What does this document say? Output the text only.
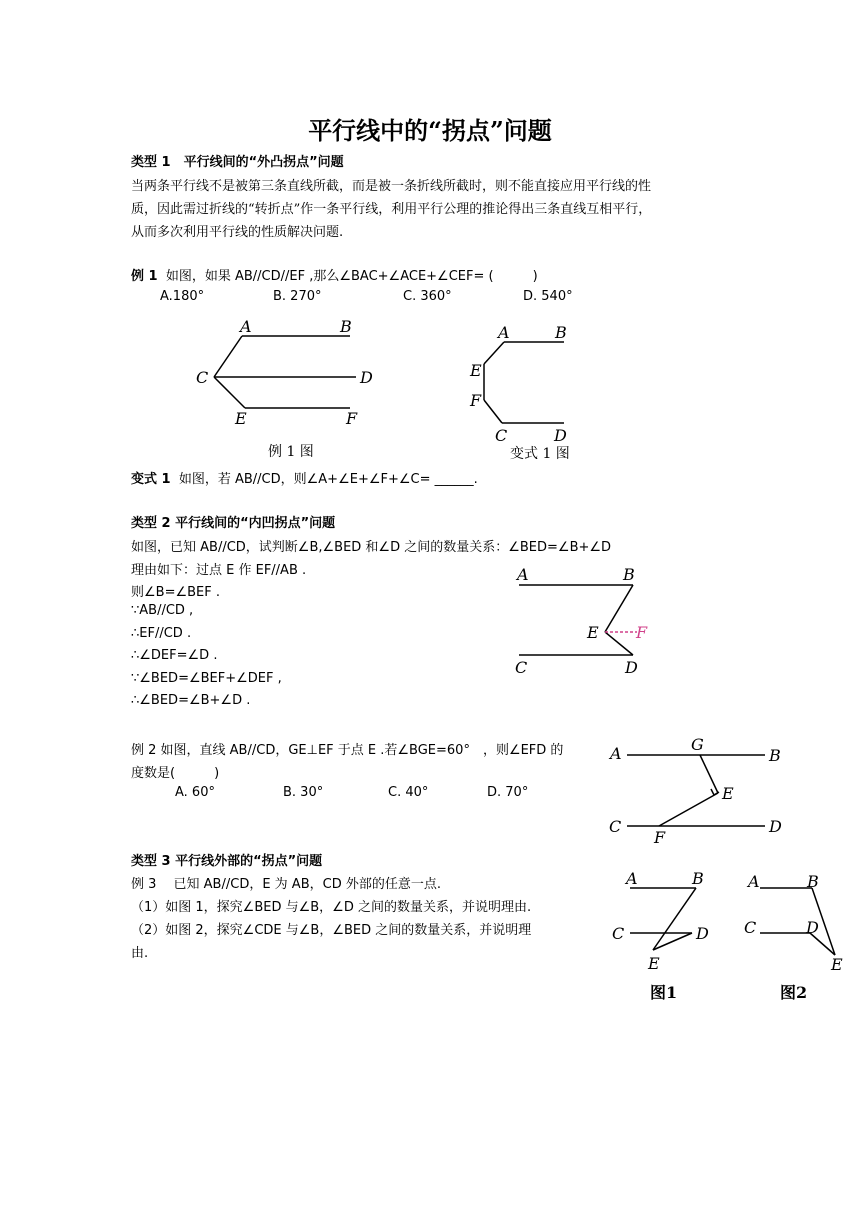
平行线中的“拐点”问题
类型 1　平行线间的“外凸拐点”问题
当两条平行线不是被第三条直线所截，而是被一条折线所截时，则不能直接应用平行线的性
质，因此需过折线的“转折点”作一条平行线，利用平行公理的推论得出三条直线互相平行，
从而多次利用平行线的性质解决问题.
例 1 如图，如果 AB//CD//EF ,那么∠BAC+∠ACE+∠CEF= (　　　)
A.180°	B. 270°	C. 360°	D. 540°
A	B
C	D
E	F
例 1 图
A	B
E
F
C	D
变式 1 图
变式 1 如图，若 AB//CD，则∠A+∠E+∠F+∠C= ______.
类型 2 平行线间的“内凹拐点”问题
如图，已知 AB//CD，试判断∠B,∠BED 和∠D 之间的数量关系：∠BED=∠B+∠D
理由如下：过点 E 作 EF//AB .
则∠B=∠BEF .
∵AB//CD ,
∴EF//CD .
∴∠DEF=∠D .
∵∠BED=∠BEF+∠DEF ,
∴∠BED=∠B+∠D .
A	B
E F
C	D
例 2 如图，直线 AB//CD，GE⊥EF 于点 E .若∠BGE=60°　，则∠EFD 的
度数是(　　　)
A. 60°	B. 30°	C. 40°	D. 70°
A	G
B
E
C
F
D
类型 3 平行线外部的“拐点”问题
例 3　 已知 AB//CD，E 为 AB，CD 外部的任意一点.
（1）如图 1，探究∠BED 与∠B，∠D 之间的数量关系，并说明理由.
（2）如图 2，探究∠CDE 与∠B，∠BED 之间的数量关系，并说明理
由.
A	B
C	D
E
图1
A	B
C	D
E
图2
